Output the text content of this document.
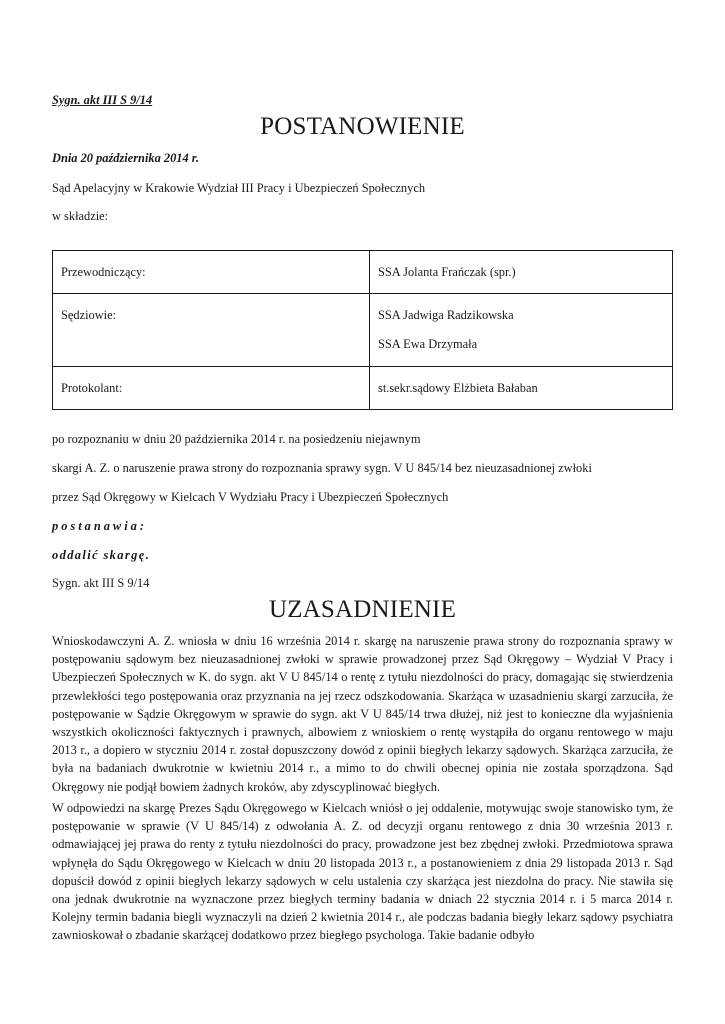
Sygn. akt III S 9/14
POSTANOWIENIE
Dnia 20 października 2014 r.
Sąd Apelacyjny w Krakowie Wydział III Pracy i Ubezpieczeń Społecznych
w składzie:
Przewodniczący:	SSA Jolanta Frańczak (spr.)
Sędziowie:	SSA Jadwiga Radzikowska
SSA Ewa Drzymała

Protokolant:	st.sekr.sądowy Elżbieta Bałaban
po rozpoznaniu w dniu 20 października 2014 r. na posiedzeniu niejawnym
skargi A. Z. o naruszenie prawa strony do rozpoznania sprawy sygn. V U 845/14 bez nieuzasadnionej zwłoki
przez Sąd Okręgowy w Kielcach V Wydziału Pracy i Ubezpieczeń Społecznych
postanawia:
oddalić skargę.
Sygn. akt III S 9/14
UZASADNIENIE
Wnioskodawczyni A. Z. wniosła w dniu 16 września 2014 r. skargę na naruszenie prawa strony do rozpoznania sprawy w postępowaniu sądowym bez nieuzasadnionej zwłoki w sprawie prowadzonej przez Sąd Okręgowy – Wydział V Pracy i Ubezpieczeń Społecznych w K. do sygn. akt V U 845/14 o rentę z tytułu niezdolności do pracy, domagając się stwierdzenia przewlekłości tego postępowania oraz przyznania na jej rzecz odszkodowania. Skarżąca w uzasadnieniu skargi zarzuciła, że postępowanie w Sądzie Okręgowym w sprawie do sygn. akt V U 845/14 trwa dłużej, niż jest to konieczne dla wyjaśnienia wszystkich okoliczności faktycznych i prawnych, albowiem z wnioskiem o rentę wystąpiła do organu rentowego w maju 2013 r., a dopiero w styczniu 2014 r. został dopuszczony dowód z opinii biegłych lekarzy sądowych. Skarżąca zarzuciła, że była na badaniach dwukrotnie w kwietniu 2014 r., a mimo to do chwili obecnej opinia nie została sporządzona. Sąd Okręgowy nie podjął bowiem żadnych kroków, aby zdyscyplinować biegłych.
W odpowiedzi na skargę Prezes Sądu Okręgowego w Kielcach wniósł o jej oddalenie, motywując swoje stanowisko tym, że postępowanie w sprawie (V U 845/14) z odwołania A. Z. od decyzji organu rentowego z dnia 30 września 2013 r. odmawiającej jej prawa do renty z tytułu niezdolności do pracy, prowadzone jest bez zbędnej zwłoki. Przedmiotowa sprawa wpłynęła do Sądu Okręgowego w Kielcach w dniu 20 listopada 2013 r., a postanowieniem z dnia 29 listopada 2013 r. Sąd dopuścił dowód z opinii biegłych lekarzy sądowych w celu ustalenia czy skarżąca jest niezdolna do pracy. Nie stawiła się ona jednak dwukrotnie na wyznaczone przez biegłych terminy badania w dniach 22 stycznia 2014 r. i 5 marca 2014 r. Kolejny termin badania biegli wyznaczyli na dzień 2 kwietnia 2014 r., ale podczas badania biegły lekarz sądowy psychiatra zawnioskował o zbadanie skarżącej dodatkowo przez biegłego psychologa. Takie badanie odbyło
